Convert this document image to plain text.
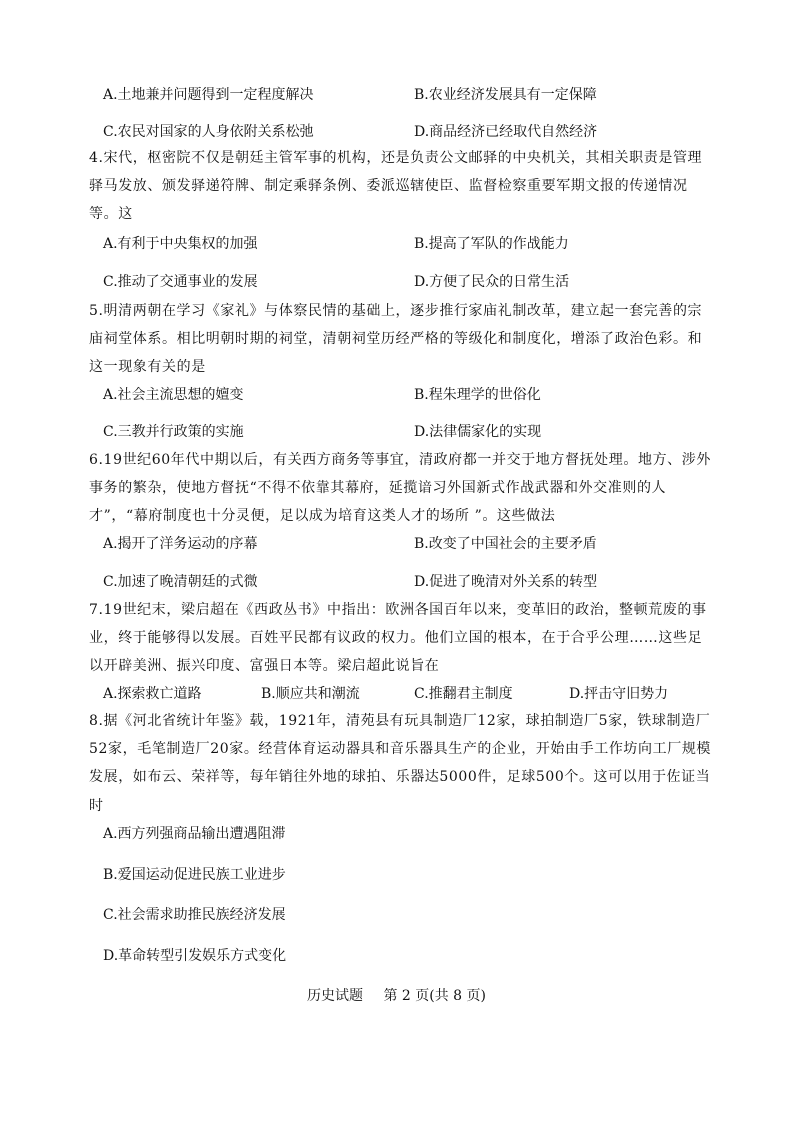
A.土地兼并问题得到一定程度解决	B.农业经济发展具有一定保障
C.农民对国家的人身依附关系松弛	D.商品经济已经取代自然经济
4.宋代，枢密院不仅是朝廷主管军事的机构，还是负责公文邮驿的中央机关，其相关职责是管理驿马发放、颁发驿递符牌、制定乘驿条例、委派巡辖使臣、监督检察重要军期文报的传递情况等。这
A.有利于中央集权的加强	B.提高了军队的作战能力
C.推动了交通事业的发展	D.方便了民众的日常生活
5.明清两朝在学习《家礼》与体察民情的基础上，逐步推行家庙礼制改革，建立起一套完善的宗庙祠堂体系。相比明朝时期的祠堂，清朝祠堂历经严格的等级化和制度化，增添了政治色彩。和这一现象有关的是
A.社会主流思想的嬗变	B.程朱理学的世俗化
C.三教并行政策的实施	D.法律儒家化的实现
6.19世纪60年代中期以后，有关西方商务等事宜，清政府都一并交于地方督抚处理。地方、涉外事务的繁杂，使地方督抚“不得不依靠其幕府，延揽谙习外国新式作战武器和外交准则的人才”，“幕府制度也十分灵便，足以成为培育这类人才的场所 ”。这些做法
A.揭开了洋务运动的序幕	B.改变了中国社会的主要矛盾
C.加速了晚清朝廷的式微	D.促进了晚清对外关系的转型
7.19世纪末，梁启超在《西政丛书》中指出：欧洲各国百年以来，变革旧的政治，整顿荒废的事业，终于能够得以发展。百姓平民都有议政的权力。他们立国的根本，在于合乎公理……这些足以开辟美洲、振兴印度、富强日本等。梁启超此说旨在
A.探索救亡道路	B.顺应共和潮流	C.推翻君主制度	D.抨击守旧势力
8.据《河北省统计年鉴》载，1921年，清苑县有玩具制造厂12家，球拍制造厂5家，铁球制造厂52家，毛笔制造厂20家。经营体育运动器具和音乐器具生产的企业，开始由手工作坊向工厂规模发展，如布云、荣祥等，每年销往外地的球拍、乐器达5000件，足球500个。这可以用于佐证当时
A.西方列强商品输出遭遇阻滞
B.爱国运动促进民族工业进步
C.社会需求助推民族经济发展
D.革命转型引发娱乐方式变化
历史试题 第 2 页(共 8 页)
